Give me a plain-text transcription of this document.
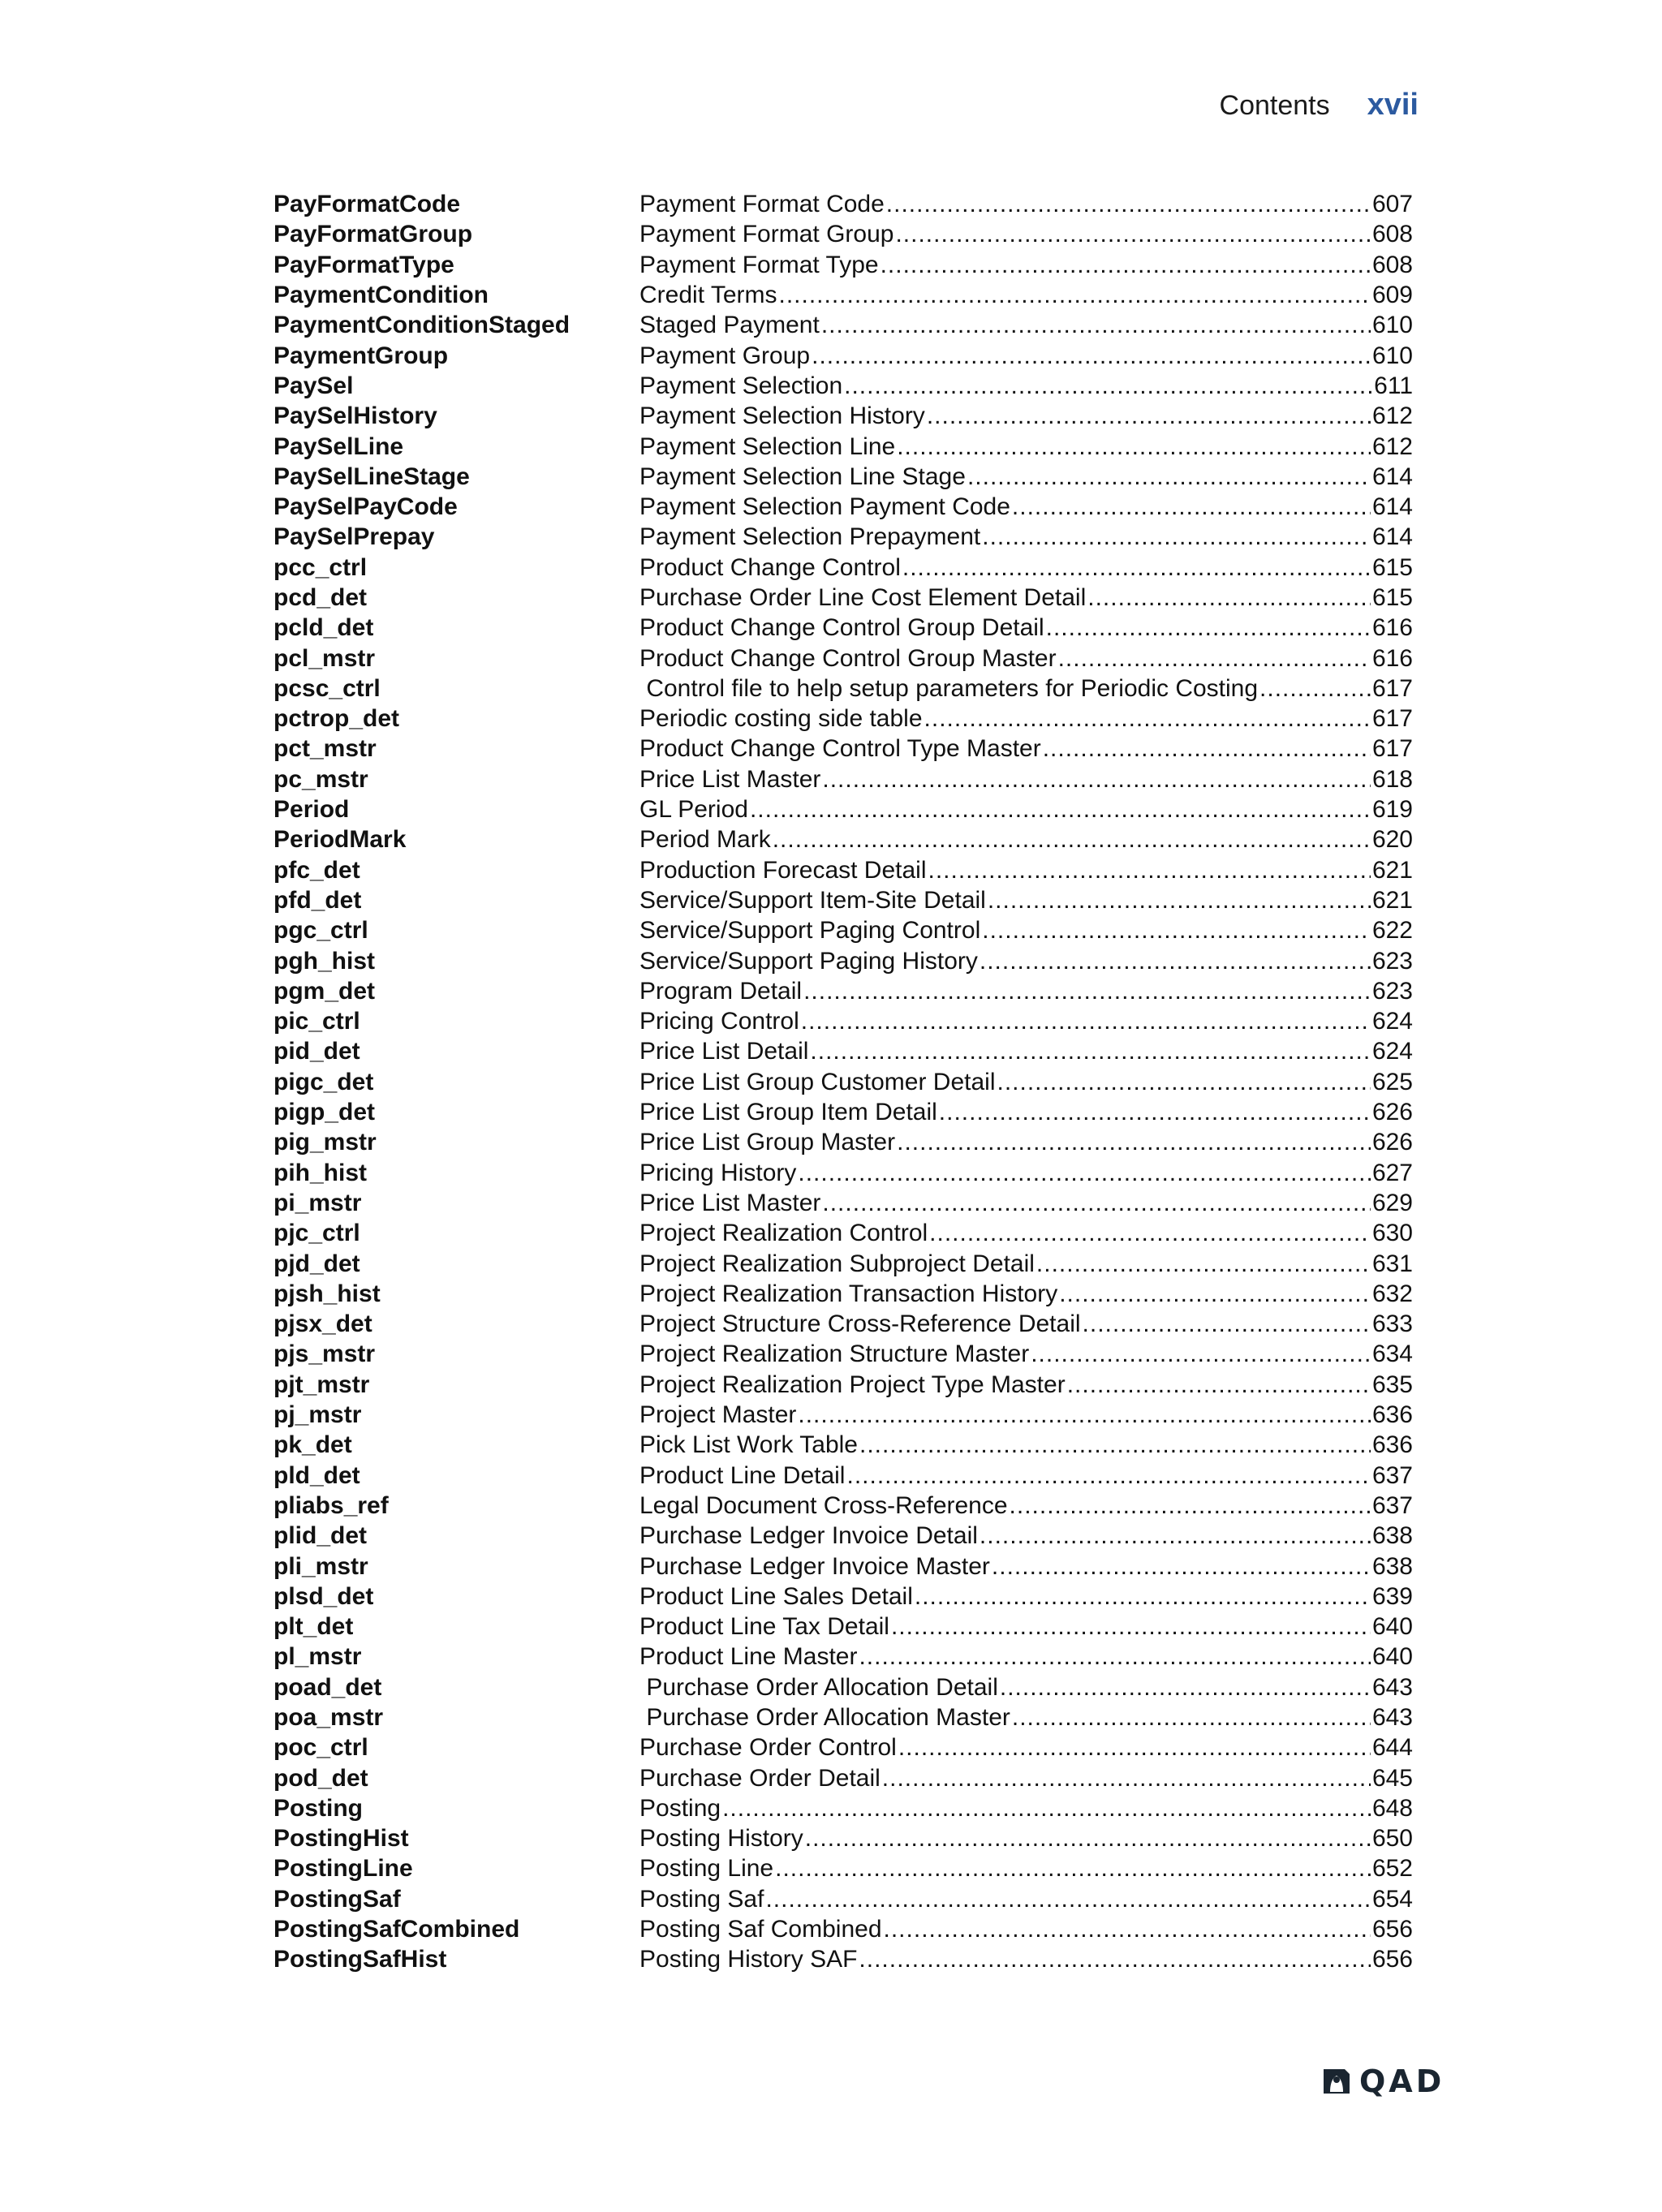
Contents xvii
PayFormatCode	Payment Format Code .....	607
PayFormatGroup	Payment Format Group .....	608
PayFormatType	Payment Format Type .....	608
PaymentCondition	Credit Terms .....	609
PaymentConditionStaged	Staged Payment .....	610
PaymentGroup	Payment Group .....	610
PaySel	Payment Selection .....	611
PaySelHistory	Payment Selection History .....	612
PaySelLine	Payment Selection Line .....	612
PaySelLineStage	Payment Selection Line Stage .....	614
PaySelPayCode	Payment Selection Payment Code .....	614
PaySelPrepay	Payment Selection Prepayment .....	614
pcc_ctrl	Product Change Control .....	615
pcd_det	Purchase Order Line Cost Element Detail .....	615
pcld_det	Product Change Control Group Detail .....	616
pcl_mstr	Product Change Control Group Master .....	616
pcsc_ctrl	Control file to help setup parameters for Periodic Costing .....	617
pctrop_det	Periodic costing side table .....	617
pct_mstr	Product Change Control Type Master .....	617
pc_mstr	Price List Master .....	618
Period	GL Period .....	619
PeriodMark	Period Mark .....	620
pfc_det	Production Forecast Detail .....	621
pfd_det	Service/Support Item-Site Detail .....	621
pgc_ctrl	Service/Support Paging Control .....	622
pgh_hist	Service/Support Paging History .....	623
pgm_det	Program Detail .....	623
pic_ctrl	Pricing Control .....	624
pid_det	Price List Detail .....	624
pigc_det	Price List Group Customer Detail .....	625
pigp_det	Price List Group Item Detail .....	626
pig_mstr	Price List Group Master .....	626
pih_hist	Pricing History .....	627
pi_mstr	Price List Master .....	629
pjc_ctrl	Project Realization Control .....	630
pjd_det	Project Realization Subproject Detail .....	631
pjsh_hist	Project Realization Transaction History .....	632
pjsx_det	Project Structure Cross-Reference Detail .....	633
pjs_mstr	Project Realization Structure Master .....	634
pjt_mstr	Project Realization Project Type Master .....	635
pj_mstr	Project Master .....	636
pk_det	Pick List Work Table .....	636
pld_det	Product Line Detail .....	637
pliabs_ref	Legal Document Cross-Reference .....	637
plid_det	Purchase Ledger Invoice Detail .....	638
pli_mstr	Purchase Ledger Invoice Master .....	638
plsd_det	Product Line Sales Detail .....	639
plt_det	Product Line Tax Detail .....	640
pl_mstr	Product Line Master .....	640
poad_det	Purchase Order Allocation Detail .....	643
poa_mstr	Purchase Order Allocation Master .....	643
poc_ctrl	Purchase Order Control .....	644
pod_det	Purchase Order Detail .....	645
Posting	Posting .....	648
PostingHist	Posting History .....	650
PostingLine	Posting Line .....	652
PostingSaf	Posting Saf .....	654
PostingSafCombined	Posting Saf Combined .....	656
PostingSafHist	Posting History SAF .....	656
QAD
